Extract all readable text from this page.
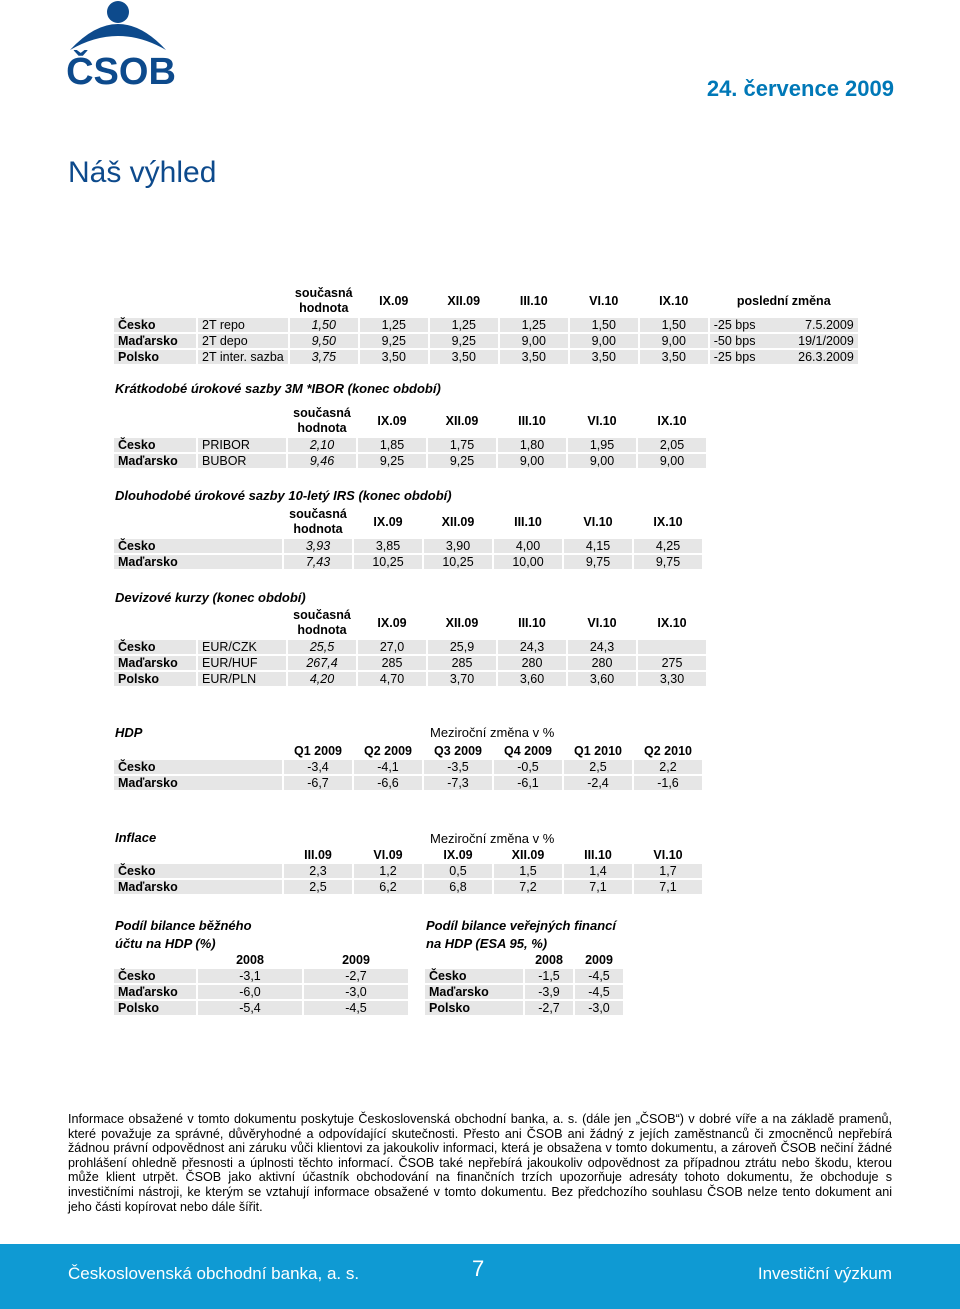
ČSOB	24. července 2009
Náš výhled
		současná
hodnota	IX.09	XII.09	III.10	VI.10	IX.10	poslední změna
Česko	2T repo	1,50	1,25	1,25	1,25	1,50	1,50	-25 bps 7.5.2009

Maďarsko	2T depo	9,50	9,25	9,25	9,00	9,00	9,00	-50 bps 19/1/2009

Polsko	2T inter. sazba	3,75	3,50	3,50	3,50	3,50	3,50	-25 bps 26.3.2009
Krátkodobé úrokové sazby 3M *IBOR (konec období)
		současná
hodnota	IX.09	XII.09	III.10	VI.10	IX.10
Česko	PRIBOR	2,10	1,85	1,75	1,80	1,95	2,05
Maďarsko	BUBOR	9,46	9,25	9,25	9,00	9,00	9,00
Dlouhodobé úrokové sazby 10-letý IRS (konec období)
	současná
hodnota	IX.09	XII.09	III.10	VI.10	IX.10
Česko	3,93	3,85	3,90	4,00	4,15	4,25
Maďarsko	7,43	10,25	10,25	10,00	9,75	9,75
Devizové kurzy (konec období)
		současná
hodnota	IX.09	XII.09	III.10	VI.10	IX.10
Česko	EUR/CZK	25,5	27,0	25,9	24,3	24,3	
Maďarsko	EUR/HUF	267,4	285	285	280	280	275
Polsko	EUR/PLN	4,20	4,70	3,70	3,60	3,60	3,30
HDP	Meziroční změna v %
	Q1 2009	Q2 2009	Q3 2009	Q4 2009	Q1 2010	Q2 2010
Česko	-3,4	-4,1	-3,5	-0,5	2,5	2,2
Maďarsko	-6,7	-6,6	-7,3	-6,1	-2,4	-1,6
Inflace	Meziroční změna v %
	III.09	VI.09	IX.09	XII.09	III.10	VI.10
Česko	2,3	1,2	0,5	1,5	1,4	1,7
Maďarsko	2,5	6,2	6,8	7,2	7,1	7,1
Podíl bilance běžného
účtu na HDP (%)
	2008	2009
Česko	-3,1	-2,7
Maďarsko	-6,0	-3,0
Polsko	-5,4	-4,5
Podíl bilance veřejných financí
na HDP (ESA 95, %)
	2008	2009
Česko	-1,5	-4,5
Maďarsko	-3,9	-4,5
Polsko	-2,7	-3,0
Informace obsažené v tomto dokumentu poskytuje Československá obchodní banka, a. s. (dále jen „ČSOB“) v dobré víře a na základě pramenů, které považuje za správné, důvěryhodné a odpovídající skutečnosti. Přesto ani ČSOB ani žádný z jejích zaměstnanců či zmocněnců nepřebírá žádnou právní odpovědnost ani záruku vůči klientovi za jakoukoliv informaci, která je obsažena v tomto dokumentu, a zároveň ČSOB nečiní žádné prohlášení ohledně přesnosti a úplnosti těchto informací. ČSOB také nepřebírá jakoukoliv odpovědnost za případnou ztrátu nebo škodu, kterou může klient utrpět. ČSOB jako aktivní účastník obchodování na finančních trzích upozorňuje adresáty tohoto dokumentu, že obchoduje s investičními nástroji, ke kterým se vztahují informace obsažené v tomto dokumentu. Bez předchozího souhlasu ČSOB nelze tento dokument ani jeho části kopírovat nebo dále šířit.
Československá obchodní banka, a. s.	7	Investiční výzkum
